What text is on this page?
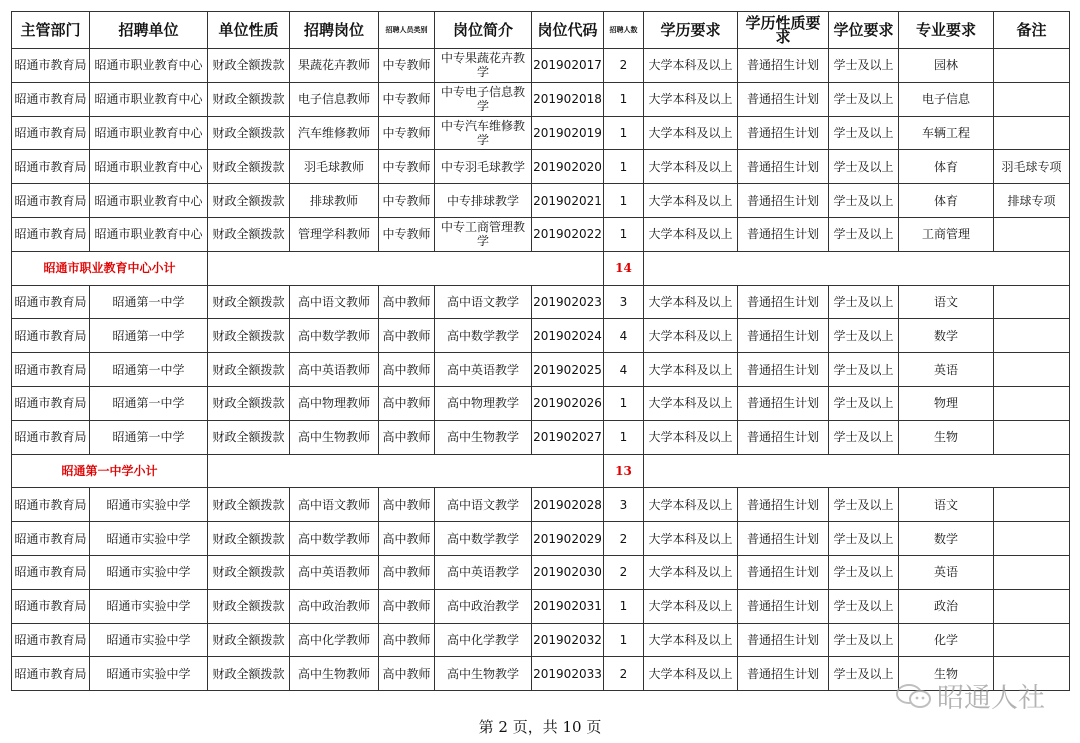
主管部门	招聘单位	单位性质	招聘岗位	招聘人员类别	岗位简介	岗位代码	招聘人数	学历要求	学历性质要求	学位要求	专业要求	备注
昭通市教育局	昭通市职业教育中心	财政全额拨款	果蔬花卉教师	中专教师	中专果蔬花卉教学	201902017	2	大学本科及以上	普通招生计划	学士及以上	园林	
昭通市教育局	昭通市职业教育中心	财政全额拨款	电子信息教师	中专教师	中专电子信息教学	201902018	1	大学本科及以上	普通招生计划	学士及以上	电子信息	
昭通市教育局	昭通市职业教育中心	财政全额拨款	汽车维修教师	中专教师	中专汽车维修教学	201902019	1	大学本科及以上	普通招生计划	学士及以上	车辆工程	
昭通市教育局	昭通市职业教育中心	财政全额拨款	羽毛球教师	中专教师	中专羽毛球教学	201902020	1	大学本科及以上	普通招生计划	学士及以上	体育	羽毛球专项
昭通市教育局	昭通市职业教育中心	财政全额拨款	排球教师	中专教师	中专排球教学	201902021	1	大学本科及以上	普通招生计划	学士及以上	体育	排球专项
昭通市教育局	昭通市职业教育中心	财政全额拨款	管理学科教师	中专教师	中专工商管理教学	201902022	1	大学本科及以上	普通招生计划	学士及以上	工商管理	
昭通市职业教育中心小计							14					
昭通市教育局	昭通第一中学	财政全额拨款	高中语文教师	高中教师	高中语文教学	201902023	3	大学本科及以上	普通招生计划	学士及以上	语文	
昭通市教育局	昭通第一中学	财政全额拨款	高中数学教师	高中教师	高中数学教学	201902024	4	大学本科及以上	普通招生计划	学士及以上	数学	
昭通市教育局	昭通第一中学	财政全额拨款	高中英语教师	高中教师	高中英语教学	201902025	4	大学本科及以上	普通招生计划	学士及以上	英语	
昭通市教育局	昭通第一中学	财政全额拨款	高中物理教师	高中教师	高中物理教学	201902026	1	大学本科及以上	普通招生计划	学士及以上	物理	
昭通市教育局	昭通第一中学	财政全额拨款	高中生物教师	高中教师	高中生物教学	201902027	1	大学本科及以上	普通招生计划	学士及以上	生物	
昭通第一中学小计							13					
昭通市教育局	昭通市实验中学	财政全额拨款	高中语文教师	高中教师	高中语文教学	201902028	3	大学本科及以上	普通招生计划	学士及以上	语文	
昭通市教育局	昭通市实验中学	财政全额拨款	高中数学教师	高中教师	高中数学教学	201902029	2	大学本科及以上	普通招生计划	学士及以上	数学	
昭通市教育局	昭通市实验中学	财政全额拨款	高中英语教师	高中教师	高中英语教学	201902030	2	大学本科及以上	普通招生计划	学士及以上	英语	
昭通市教育局	昭通市实验中学	财政全额拨款	高中政治教师	高中教师	高中政治教学	201902031	1	大学本科及以上	普通招生计划	学士及以上	政治	
昭通市教育局	昭通市实验中学	财政全额拨款	高中化学教师	高中教师	高中化学教学	201902032	1	大学本科及以上	普通招生计划	学士及以上	化学	
昭通市教育局	昭通市实验中学	财政全额拨款	高中生物教师	高中教师	高中生物教学	201902033	2	大学本科及以上	普通招生计划	学士及以上	生物	
昭通人社
第 2 页，共 10 页
